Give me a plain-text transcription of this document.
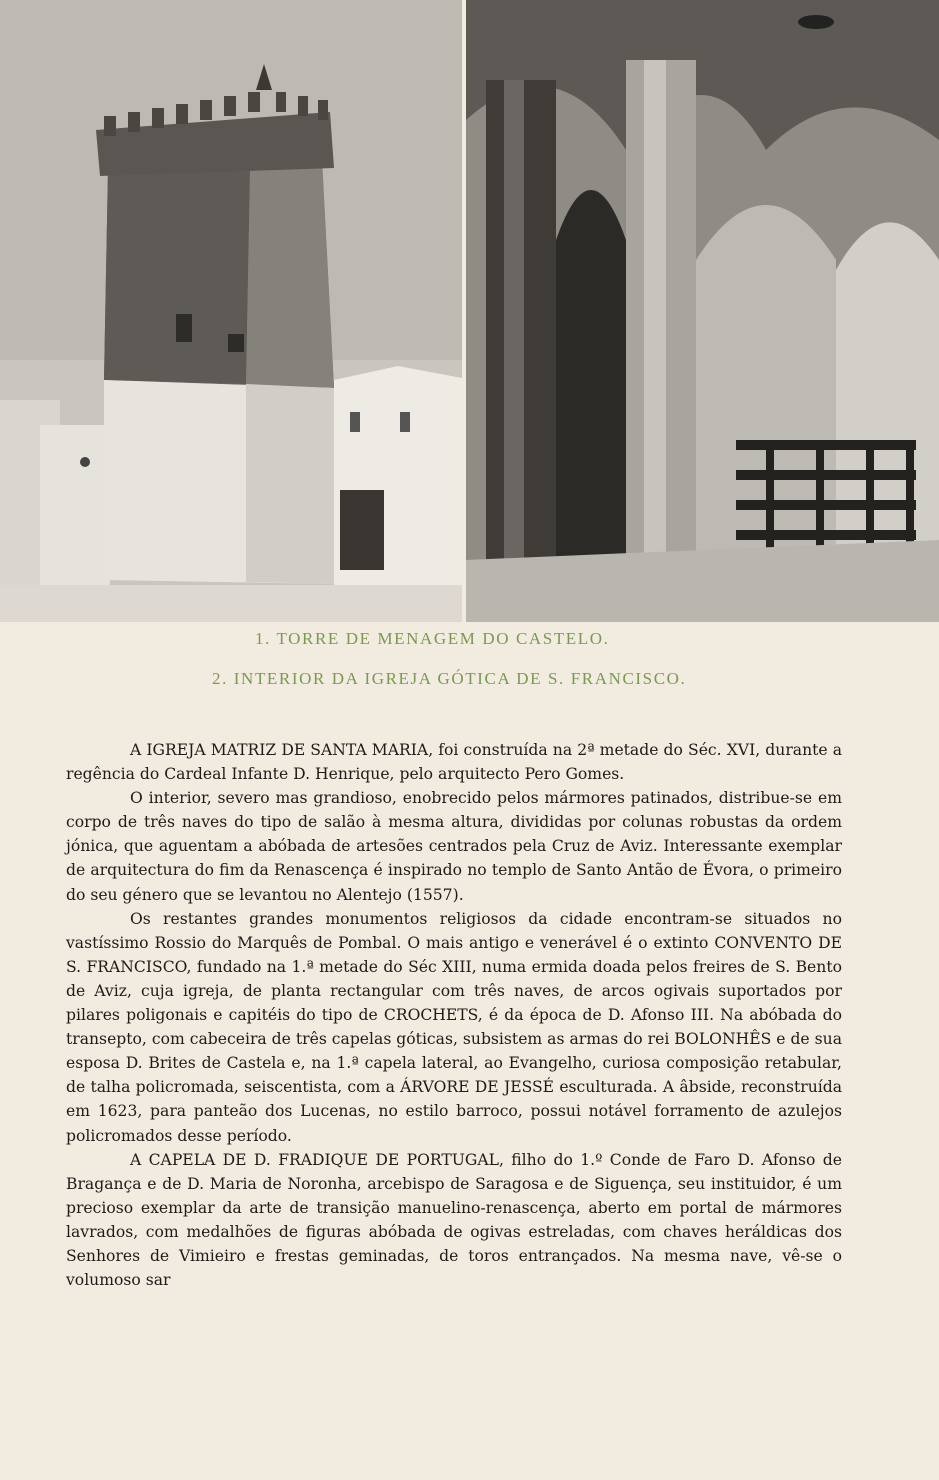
1. TORRE DE MENAGEM DO CASTELO.
2. INTERIOR DA IGREJA GÓTICA DE S. FRANCISCO.

A IGREJA MATRIZ DE SANTA MARIA, foi construída na 2ª metade do Séc. XVI, durante a regência do Cardeal Infante D. Henrique, pelo arquitecto Pero Gomes.

O interior, severo mas grandioso, enobrecido pelos mármores patinados, distribue-se em corpo de três naves do tipo de salão à mesma altura, divididas por colunas robustas da ordem jónica, que aguentam a abóbada de artesões centrados pela Cruz de Aviz. Interessante exemplar de arquitectura do fim da Renascença é inspirado no templo de Santo Antão de Évora, o primeiro do seu género que se levantou no Alentejo (1557).

Os restantes grandes monumentos religiosos da cidade encontram-se situados no vastíssimo Rossio do Marquês de Pombal. O mais antigo e venerável é o extinto CONVENTO DE S. FRANCISCO, fundado na 1.ª metade do Séc XIII, numa ermida doada pelos freires de S. Bento de Aviz, cuja igreja, de planta rectangular com três naves, de arcos ogivais suportados por pilares poligonais e capitéis do tipo de CROCHETS, é da época de D. Afonso III. Na abóbada do transepto, com cabeceira de três capelas góticas, subsistem as armas do rei BOLONHÊS e de sua esposa D. Brites de Castela e, na 1.ª capela lateral, ao Evangelho, curiosa composição retabular, de talha policromada, seiscentista, com a ÁRVORE DE JESSÉ esculturada. A âbside, reconstruída em 1623, para panteão dos Lucenas, no estilo barroco, possui notável forramento de azulejos policromados desse período.

A CAPELA DE D. FRADIQUE DE PORTUGAL, filho do 1.º Conde de Faro D. Afonso de Bragança e de D. Maria de Noronha, arcebispo de Saragosa e de Siguença, seu instituidor, é um precioso exemplar da arte de transição manuelino-renascença, aberto em portal de mármores lavrados, com medalhões de figuras abóbada de ogivas estreladas, com chaves heráldicas dos Senhores de Vimieiro e frestas geminadas, de toros entrançados. Na mesma nave, vê-se o volumoso sar
